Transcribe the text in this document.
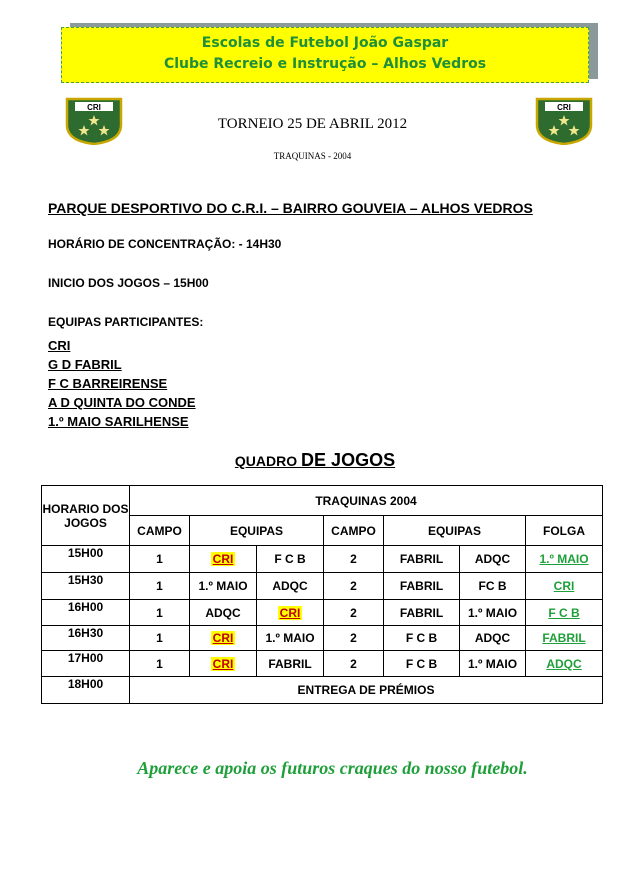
Escolas de Futebol João Gaspar
Clube Recreio e Instrução – Alhos Vedros
CRI	CRI
TORNEIO 25 DE ABRIL 2012
TRAQUINAS - 2004
PARQUE DESPORTIVO DO C.R.I. – BAIRRO GOUVEIA – ALHOS VEDROS
HORÁRIO DE CONCENTRAÇÃO: - 14H30
INICIO DOS JOGOS – 15H00
EQUIPAS PARTICIPANTES:
CRI
G D FABRIL
F C BARREIRENSE
A D QUINTA DO CONDE
1.º MAIO SARILHENSE
QUADRO DE JOGOS
HORARIO DOS JOGOS	TRAQUINAS 2004						
	CAMPO	EQUIPAS		CAMPO	EQUIPAS		FOLGA
15H00	1	CRI	F C B	2	FABRIL	ADQC	1.º MAIO
15H30	1	1.º MAIO	ADQC	2	FABRIL	FC B	CRI
16H00	1	ADQC	CRI	2	FABRIL	1.º MAIO	F C B
16H30	1	CRI	1.º MAIO	2	F C B	ADQC	FABRIL
17H00	1	CRI	FABRIL	2	F C B	1.º MAIO	ADQC
18H00	ENTREGA DE PRÉMIOS						
Aparece e apoia os futuros craques do nosso futebol.
